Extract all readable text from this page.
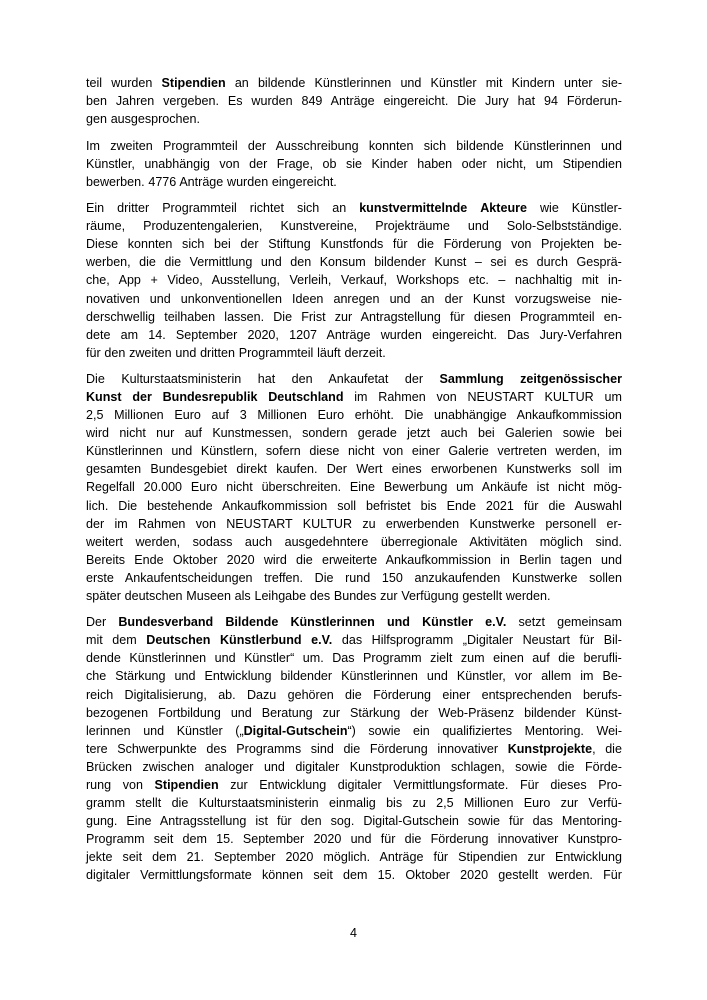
teil wurden Stipendien an bildende Künstlerinnen und Künstler mit Kindern unter sie-
ben Jahren vergeben. Es wurden 849 Anträge eingereicht. Die Jury hat 94 Förderun-
gen ausgesprochen.

Im zweiten Programmteil der Ausschreibung konnten sich bildende Künstlerinnen und
Künstler, unabhängig von der Frage, ob sie Kinder haben oder nicht, um Stipendien
bewerben. 4776 Anträge wurden eingereicht.

Ein dritter Programmteil richtet sich an kunstvermittelnde Akteure wie Künstler-
räume, Produzentengalerien, Kunstvereine, Projekträume und Solo-Selbstständige.
Diese konnten sich bei der Stiftung Kunstfonds für die Förderung von Projekten be-
werben, die die Vermittlung und den Konsum bildender Kunst – sei es durch Gesprä-
che, App + Video, Ausstellung, Verleih, Verkauf, Workshops etc. – nachhaltig mit in-
novativen und unkonventionellen Ideen anregen und an der Kunst vorzugsweise nie-
derschwellig teilhaben lassen. Die Frist zur Antragstellung für diesen Programmteil en-
dete am 14. September 2020, 1207 Anträge wurden eingereicht. Das Jury-Verfahren
für den zweiten und dritten Programmteil läuft derzeit.

Die Kulturstaatsministerin hat den Ankaufetat der Sammlung zeitgenössischer
Kunst der Bundesrepublik Deutschland im Rahmen von NEUSTART KULTUR um
2,5 Millionen Euro auf 3 Millionen Euro erhöht. Die unabhängige Ankaufkommission
wird nicht nur auf Kunstmessen, sondern gerade jetzt auch bei Galerien sowie bei
Künstlerinnen und Künstlern, sofern diese nicht von einer Galerie vertreten werden, im
gesamten Bundesgebiet direkt kaufen. Der Wert eines erworbenen Kunstwerks soll im
Regelfall 20.000 Euro nicht überschreiten. Eine Bewerbung um Ankäufe ist nicht mög-
lich. Die bestehende Ankaufkommission soll befristet bis Ende 2021 für die Auswahl
der im Rahmen von NEUSTART KULTUR zu erwerbenden Kunstwerke personell er-
weitert werden, sodass auch ausgedehntere überregionale Aktivitäten möglich sind.
Bereits Ende Oktober 2020 wird die erweiterte Ankaufkommission in Berlin tagen und
erste Ankaufentscheidungen treffen. Die rund 150 anzukaufenden Kunstwerke sollen
später deutschen Museen als Leihgabe des Bundes zur Verfügung gestellt werden.

Der Bundesverband Bildende Künstlerinnen und Künstler e.V. setzt gemeinsam
mit dem Deutschen Künstlerbund e.V. das Hilfsprogramm „Digitaler Neustart für Bil-
dende Künstlerinnen und Künstler“ um. Das Programm zielt zum einen auf die berufli-
che Stärkung und Entwicklung bildender Künstlerinnen und Künstler, vor allem im Be-
reich Digitalisierung, ab. Dazu gehören die Förderung einer entsprechenden berufs-
bezogenen Fortbildung und Beratung zur Stärkung der Web-Präsenz bildender Künst-
lerinnen und Künstler („Digital-Gutschein“) sowie ein qualifiziertes Mentoring. Wei-
tere Schwerpunkte des Programms sind die Förderung innovativer Kunstprojekte, die
Brücken zwischen analoger und digitaler Kunstproduktion schlagen, sowie die Förde-
rung von Stipendien zur Entwicklung digitaler Vermittlungsformate. Für dieses Pro-
gramm stellt die Kulturstaatsministerin einmalig bis zu 2,5 Millionen Euro zur Verfü-
gung. Eine Antragsstellung ist für den sog. Digital-Gutschein sowie für das Mentoring-
Programm seit dem 15. September 2020 und für die Förderung innovativer Kunstpro-
jekte seit dem 21. September 2020 möglich. Anträge für Stipendien zur Entwicklung
digitaler Vermittlungsformate können seit dem 15. Oktober 2020 gestellt werden. Für

4
